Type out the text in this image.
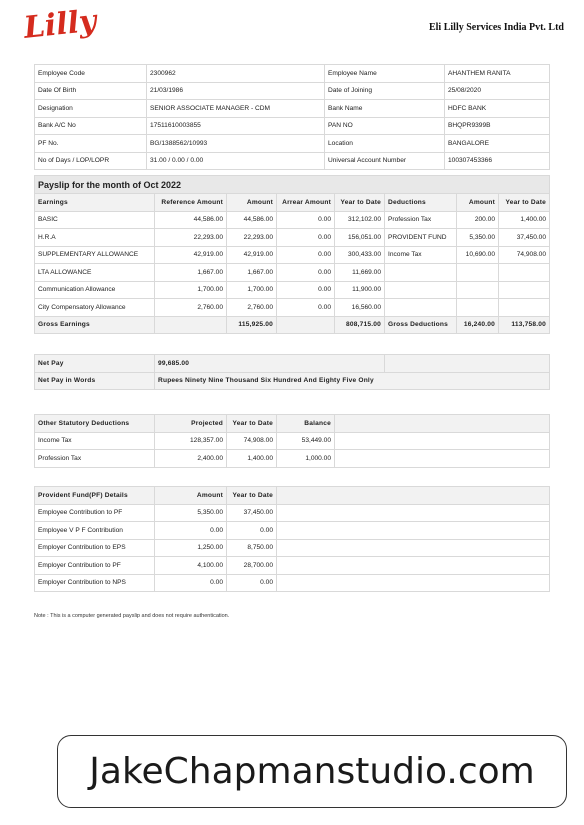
Lilly	Eli Lilly Services India Pvt. Ltd
Employee Code	2300962	Employee Name	AHANTHEM RANITA
Date Of Birth	21/03/1986	Date of Joining	25/08/2020
Designation	SENIOR ASSOCIATE MANAGER - CDM	Bank Name	HDFC BANK
Bank A/C No	17511610003855	PAN NO	BHQPR9399B
PF No.	BG/1388562/10993	Location	BANGALORE
No of Days / LOP/LOPR	31.00 / 0.00 / 0.00	Universal Account Number	100307453366
Payslip for the month of Oct 2022							
Earnings	Reference Amount	Amount	Arrear Amount	Year to Date	Deductions	Amount	Year to Date
BASIC	44,586.00	44,586.00	0.00	312,102.00	Profession Tax	200.00	1,400.00
H.R.A	22,293.00	22,293.00	0.00	156,051.00	PROVIDENT FUND	5,350.00	37,450.00
SUPPLEMENTARY ALLOWANCE	42,919.00	42,919.00	0.00	300,433.00	Income Tax	10,690.00	74,908.00
LTA ALLOWANCE	1,667.00	1,667.00	0.00	11,669.00			
Communication Allowance	1,700.00	1,700.00	0.00	11,900.00			
City Compensatory Allowance	2,760.00	2,760.00	0.00	16,560.00			
Gross Earnings		115,925.00		808,715.00	Gross Deductions	16,240.00	113,758.00
Net Pay	99,685.00	
Net Pay in Words	Rupees Ninety Nine Thousand Six Hundred And Eighty Five Only	

Other Statutory Deductions	Projected	Year to Date	Balance	
Income Tax	128,357.00	74,908.00	53,449.00	
Profession Tax	2,400.00	1,400.00	1,000.00	

Provident Fund(PF) Details	Amount	Year to Date	
Employee Contribution to PF	5,350.00	37,450.00	
Employee V P F Contribution	0.00	0.00	
Employer Contribution to EPS	1,250.00	8,750.00	
Employer Contribution to PF	4,100.00	28,700.00	
Employer Contribution to NPS	0.00	0.00	
Note : This is a computer generated payslip and does not require authentication.
JakeChapmanstudio.com
